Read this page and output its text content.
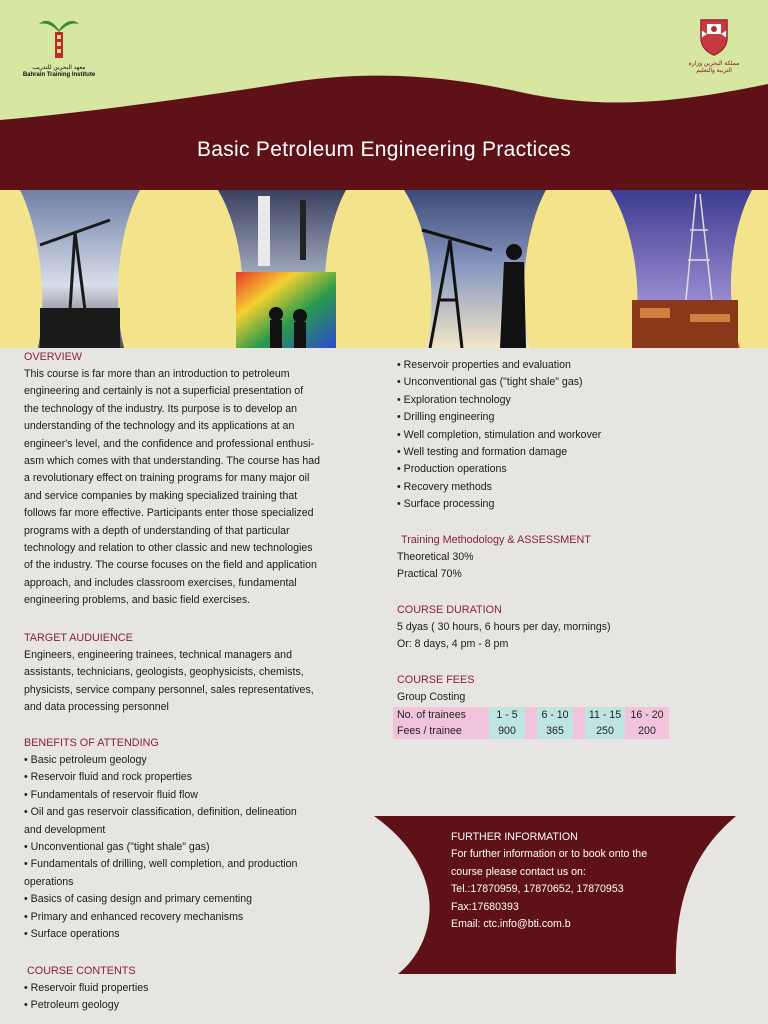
معهد البحرين للتدريب
Bahrain Training Institute
مملكة البحرين وزارة التربية والتعليم
Basic Petroleum Engineering Practices
OVERVIEW
This course is far more than an introduction to petroleum
engineering and certainly is not a superficial presentation of
the technology of the industry. Its purpose is to develop an
understanding of the technology and its applications at an
engineer's level, and the confidence and professional enthusi-
asm which comes with that understanding. The course has had
a revolutionary effect on training programs for many major oil
and service companies by making specialized training that
follows far more effective. Participants enter those specialized
programs with a depth of understanding of that particular
technology and relation to other classic and new technologies
of the industry. The course focuses on the field and application
approach, and includes classroom exercises, fundamental
engineering problems, and basic field exercises.
TARGET AUDUIENCE
Engineers, engineering trainees, technical managers and
assistants, technicians, geologists, geophysicists, chemists,
physicists, service company personnel, sales representatives,
and data processing personnel
BENEFITS OF ATTENDING
• Basic petroleum geology
• Reservoir fluid and rock properties
• Fundamentals of reservoir fluid flow
• Oil and gas reservoir classification, definition, delineation
and development
• Unconventional gas ("tight shale" gas)
• Fundamentals of drilling, well completion, and production
operations
• Basics of casing design and primary cementing
• Primary and enhanced recovery mechanisms
• Surface operations
COURSE CONTENTS
• Reservoir fluid properties
• Petroleum geology
• Reservoir properties and evaluation
• Unconventional gas ("tight shale" gas)
• Exploration technology
• Drilling engineering
• Well completion, stimulation and workover
• Well testing and formation damage
• Production operations
• Recovery methods
• Surface processing
Training Methodology & ASSESSMENT
Theoretical 30%
Practical 70%
COURSE DURATION
5 dyas ( 30 hours, 6 hours per day, mornings)
Or: 8 days, 4 pm - 8 pm
COURSE FEES
Group Costing
No. of trainees	1 - 5		6 - 10		11 - 15	16 - 20
Fees / trainee	900		365		250	200
FURTHER INFORMATION
For further information or to book onto the
course please contact us on:
Tel.:17870959, 17870652, 17870953
Fax:17680393
Email: ctc.info@bti.com.b
